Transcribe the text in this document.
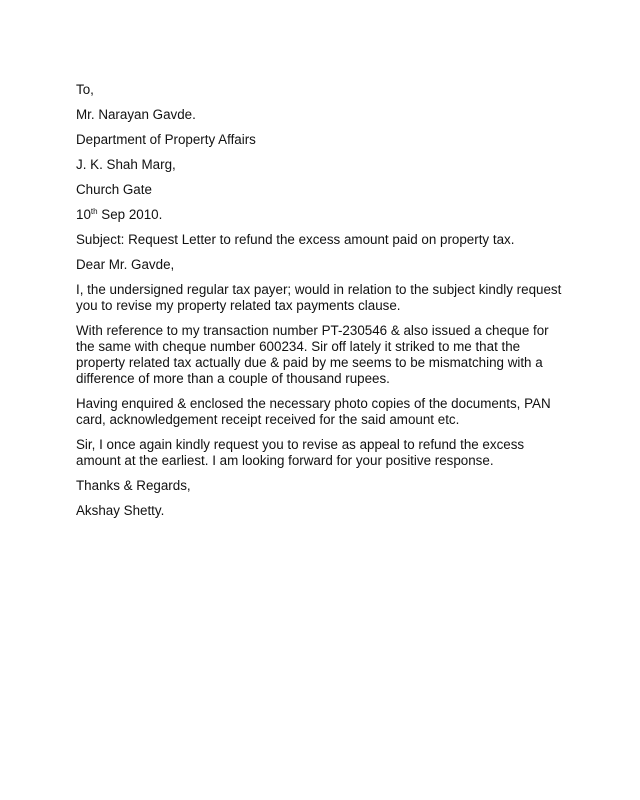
To,

Mr. Narayan Gavde.

Department of Property Affairs

J. K. Shah Marg,

Church Gate

10th Sep 2010.

Subject: Request Letter to refund the excess amount paid on property tax.

Dear Mr. Gavde,

I, the undersigned regular tax payer; would in relation to the subject kindly request you to revise my property related tax payments clause.

With reference to my transaction number PT-230546 & also issued a cheque for the same with cheque number 600234. Sir off lately it striked to me that the property related tax actually due & paid by me seems to be mismatching with a difference of more than a couple of thousand rupees.

Having enquired & enclosed the necessary photo copies of the documents, PAN card, acknowledgement receipt received for the said amount etc.

Sir, I once again kindly request you to revise as appeal to refund the excess amount at the earliest. I am looking forward for your positive response.

Thanks & Regards,

Akshay Shetty.
